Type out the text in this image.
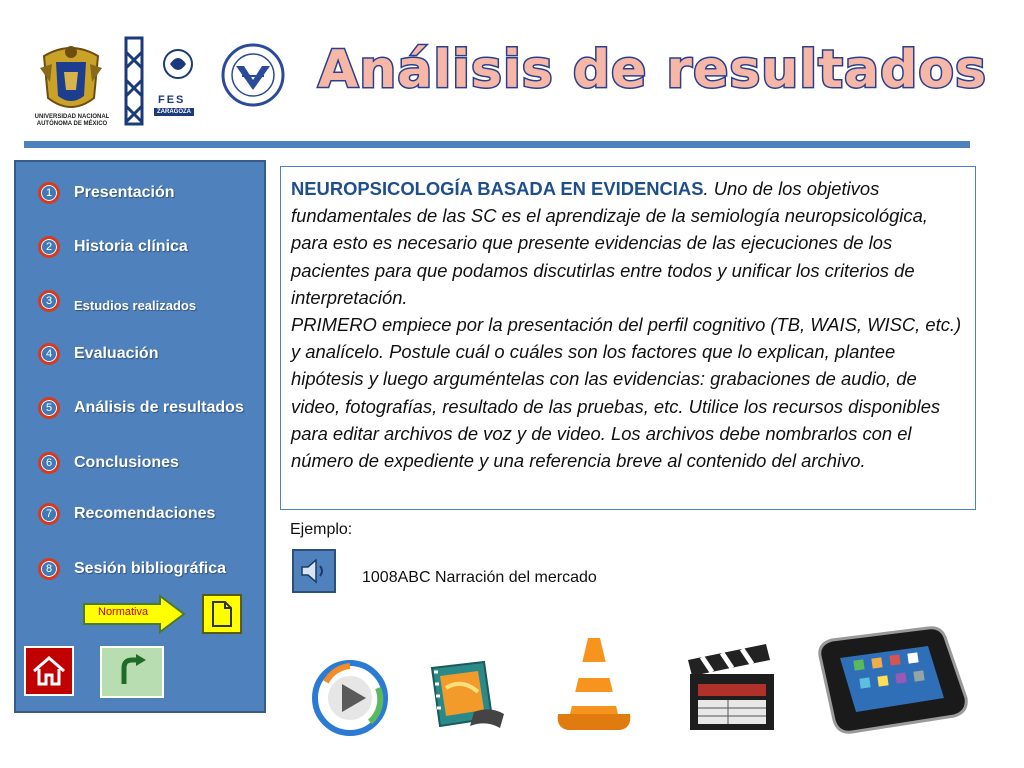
UNIVERSIDAD NACIONAL AUTÓNOMA DE MÉXICO
FES
ZARAGOZA
Análisis de resultados
1	Presentación
2	Historia clínica
3	Estudios realizados
4	Evaluación
5	Análisis de resultados
6	Conclusiones
7	Recomendaciones
8	Sesión bibliográfica
Normativa

NEUROPSICOLOGÍA BASADA EN EVIDENCIAS. Uno de los objetivos fundamentales de las SC es el aprendizaje de la semiología neuropsicológica, para esto es necesario que presente evidencias de las ejecuciones de los pacientes para que podamos discutirlas entre todos y unificar los criterios de interpretación.

PRIMERO empiece por la presentación del perfil cognitivo (TB, WAIS, WISC, etc.) y analícelo. Postule cuál o cuáles son los factores que lo explican, plantee hipótesis y luego arguméntelas con las evidencias: grabaciones de audio, de video, fotografías, resultado de las pruebas, etc. Utilice los recursos disponibles para editar archivos de voz y de video. Los archivos debe nombrarlos con el número de expediente y una referencia breve al contenido del archivo.

Ejemplo:
1008ABC Narración del mercado
